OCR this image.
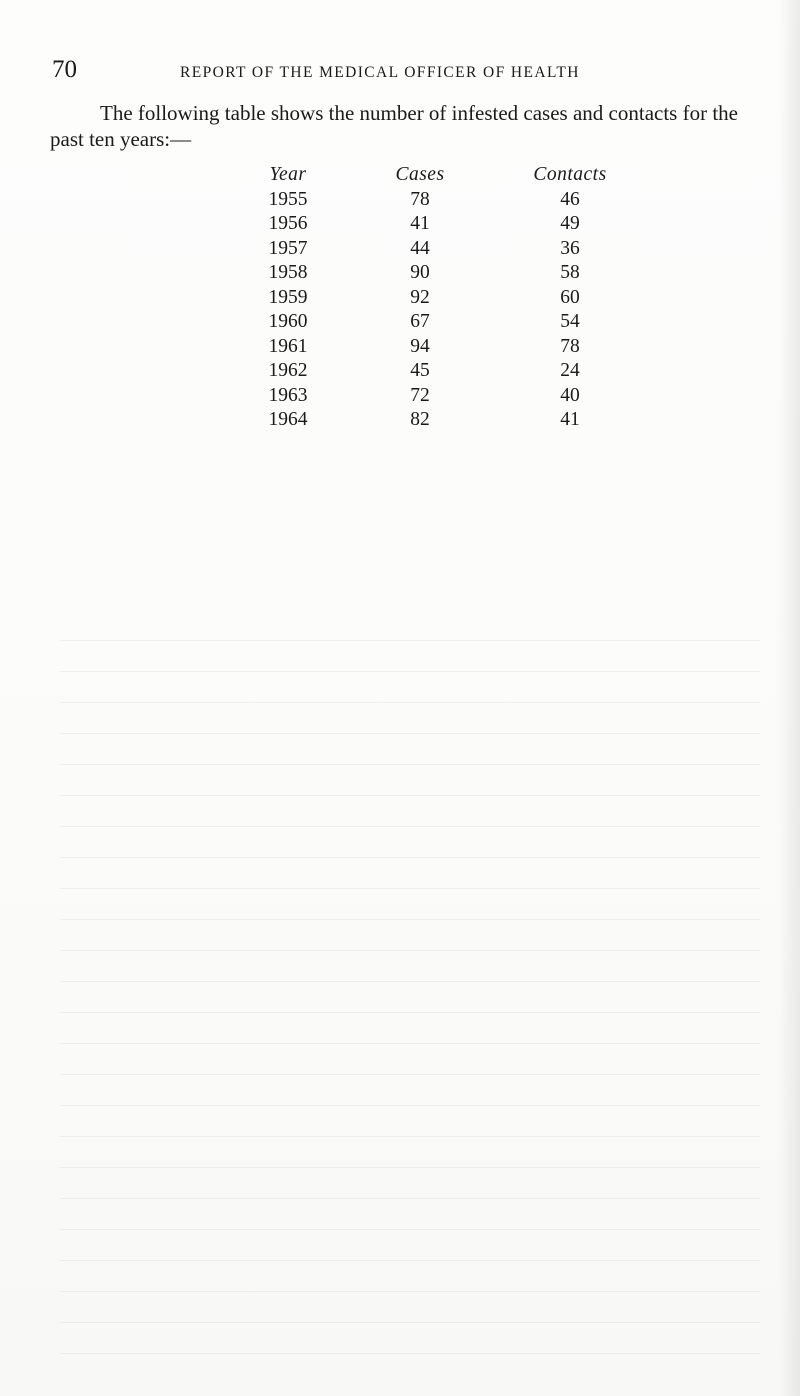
70	REPORT OF THE MEDICAL OFFICER OF HEALTH

The following table shows the number of infested cases and contacts for the past ten years:—

Year	Cases	Contacts
1955	78	46
1956	41	49
1957	44	36
1958	90	58
1959	92	60
1960	67	54
1961	94	78
1962	45	24
1963	72	40
1964	82	41
